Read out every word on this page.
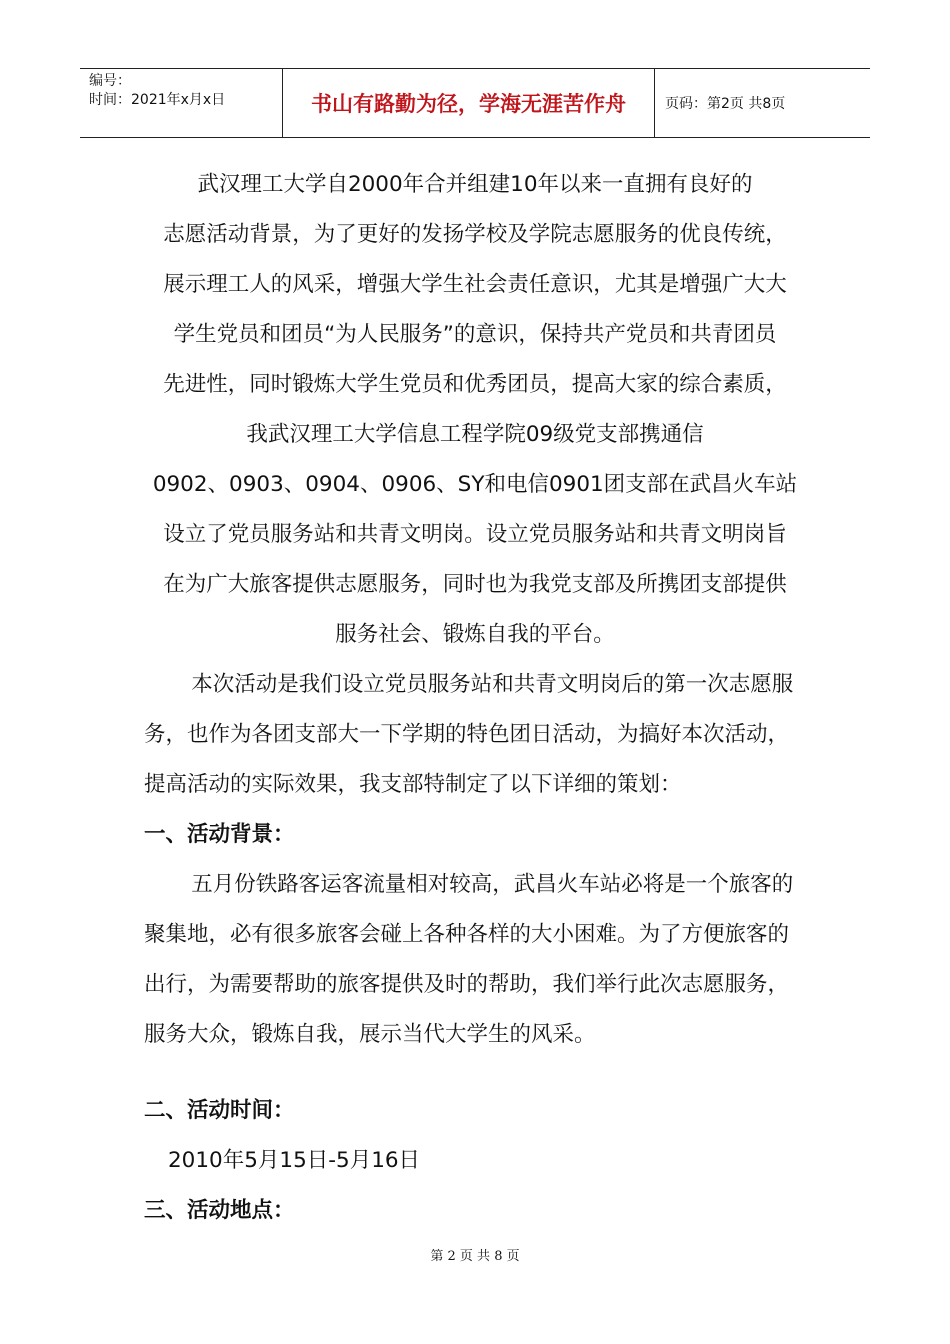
编号：
时间：2021年x月x日	书山有路勤为径，学海无涯苦作舟	页码：第2页 共8页

武汉理工大学自2000年合并组建10年以来一直拥有良好的

志愿活动背景，为了更好的发扬学校及学院志愿服务的优良传统，

展示理工人的风采，增强大学生社会责任意识，尤其是增强广大大

学生党员和团员“为人民服务”的意识，保持共产党员和共青团员

先进性，同时锻炼大学生党员和优秀团员，提高大家的综合素质，

我武汉理工大学信息工程学院09级党支部携通信

0902、0903、0904、0906、SY和电信0901团支部在武昌火车站

设立了党员服务站和共青文明岗。设立党员服务站和共青文明岗旨

在为广大旅客提供志愿服务，同时也为我党支部及所携团支部提供

服务社会、锻炼自我的平台。

本次活动是我们设立党员服务站和共青文明岗后的第一次志愿服务，也作为各团支部大一下学期的特色团日活动，为搞好本次活动，提高活动的实际效果，我支部特制定了以下详细的策划：

一、活动背景：

五月份铁路客运客流量相对较高，武昌火车站必将是一个旅客的聚集地，必有很多旅客会碰上各种各样的大小困难。为了方便旅客的出行，为需要帮助的旅客提供及时的帮助，我们举行此次志愿服务，服务大众，锻炼自我，展示当代大学生的风采。

二、活动时间：

2010年5月15日-5月16日

三、活动地点：

第 2 页 共 8 页
